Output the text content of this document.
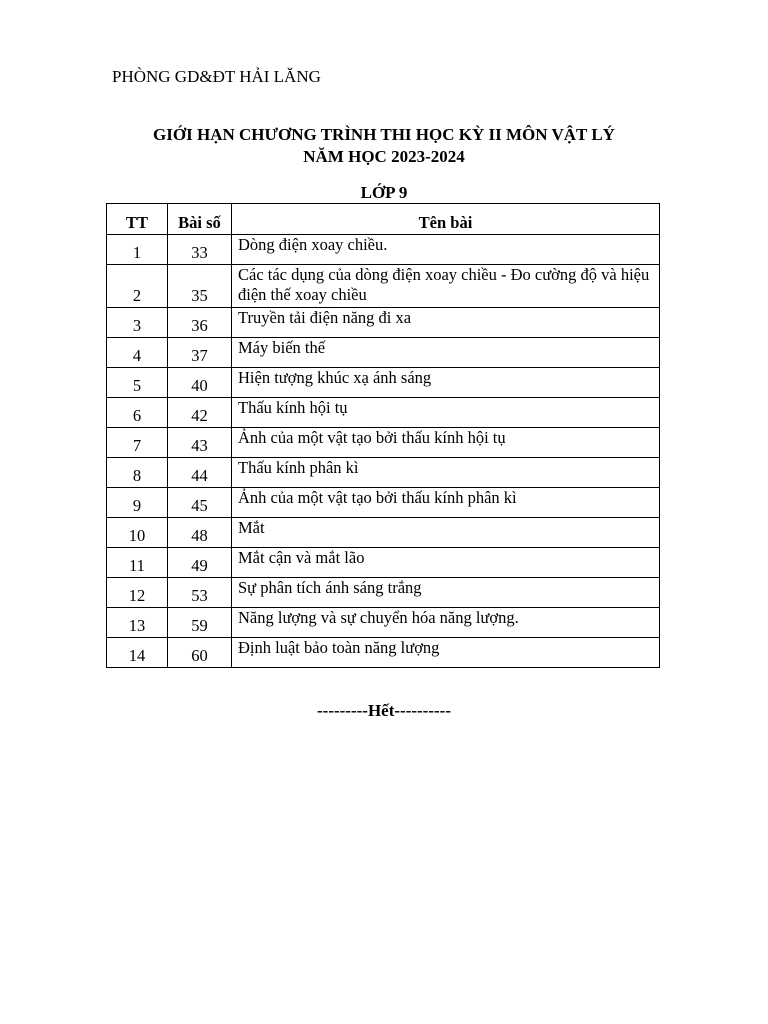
PHÒNG GD&ĐT HẢI LĂNG
GIỚI HẠN CHƯƠNG TRÌNH THI HỌC KỲ II MÔN VẬT LÝ
NĂM HỌC 2023-2024
LỚP 9
TT	Bài số	Tên bài
1	33	Dòng điện xoay chiều.
2	35	Các tác dụng của dòng điện xoay chiều - Đo cường độ và hiệu điện thế xoay chiều
3	36	Truyền tải điện năng đi xa
4	37	Máy biến thế
5	40	Hiện tượng khúc xạ ánh sáng
6	42	Thấu kính hội tụ
7	43	Ảnh của một vật tạo bởi thấu kính hội tụ
8	44	Thấu kính phân kì
9	45	Ảnh của một vật tạo bởi thấu kính phân kì
10	48	Mắt
11	49	Mắt cận và mắt lão
12	53	Sự phân tích ánh sáng trắng
13	59	Năng lượng và sự chuyển hóa năng lượng.
14	60	Định luật bảo toàn năng lượng
---------Hết----------
